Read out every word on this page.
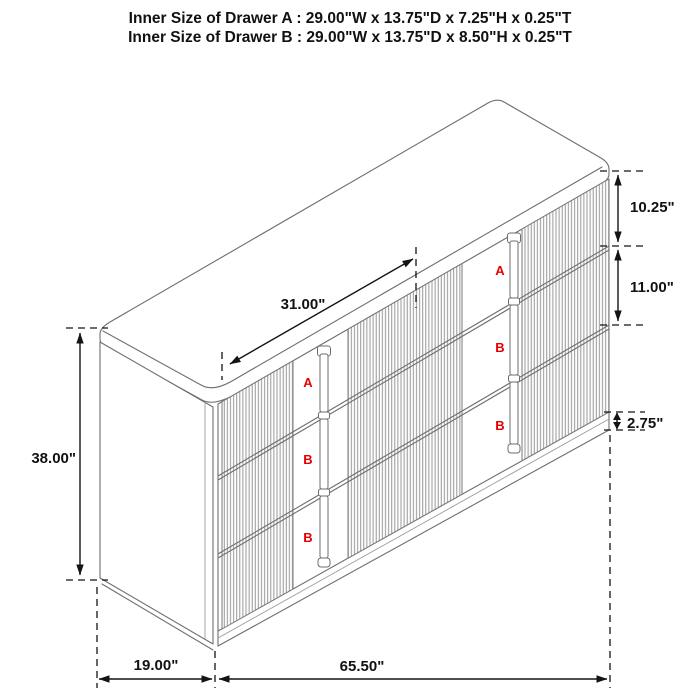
Inner Size of Drawer A : 29.00"W x 13.75"D x 7.25"H x 0.25"T
Inner Size of Drawer B : 29.00"W x 13.75"D x 8.50"H x 0.25"T
A
B
B
A
B
B
31.00"
10.25"
11.00"
2.75"
38.00"
19.00"	65.50"
